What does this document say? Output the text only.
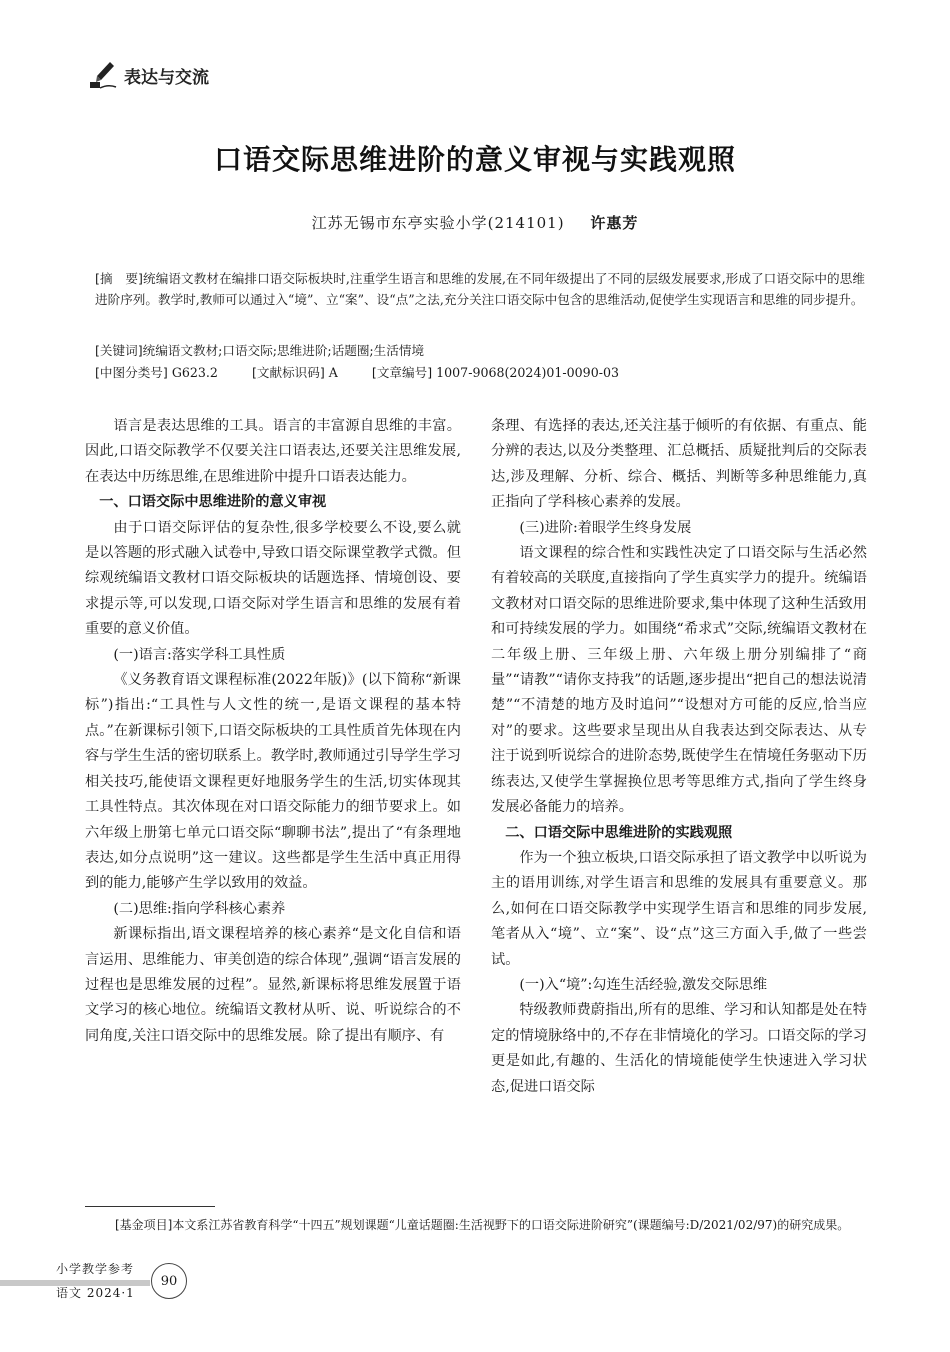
表达与交流
口语交际思维进阶的意义审视与实践观照
江苏无锡市东亭实验小学(214101) 许惠芳
[摘　要]统编语文教材在编排口语交际板块时,注重学生语言和思维的发展,在不同年级提出了不同的层级发展要求,形成了口语交际中的思维进阶序列。教学时,教师可以通过入“境”、立“案”、设“点”之法,充分关注口语交际中包含的思维活动,促使学生实现语言和思维的同步提升。
[关键词]统编语文教材;口语交际;思维进阶;话题圈;生活情境
[中图分类号] G623.2	[文献标识码] A	[文章编号] 1007-9068(2024)01-0090-03

语言是表达思维的工具。语言的丰富源自思维的丰富。因此,口语交际教学不仅要关注口语表达,还要关注思维发展,在表达中历练思维,在思维进阶中提升口语表达能力。

一、口语交际中思维进阶的意义审视

由于口语交际评估的复杂性,很多学校要么不设,要么就是以答题的形式融入试卷中,导致口语交际课堂教学式微。但综观统编语文教材口语交际板块的话题选择、情境创设、要求提示等,可以发现,口语交际对学生语言和思维的发展有着重要的意义价值。

(一)语言:落实学科工具性质

《义务教育语文课程标准(2022年版)》(以下简称“新课标”)指出:“工具性与人文性的统一,是语文课程的基本特点。”在新课标引领下,口语交际板块的工具性质首先体现在内容与学生生活的密切联系上。教学时,教师通过引导学生学习相关技巧,能使语文课程更好地服务学生的生活,切实体现其工具性特点。其次体现在对口语交际能力的细节要求上。如六年级上册第七单元口语交际“聊聊书法”,提出了“有条理地表达,如分点说明”这一建议。这些都是学生生活中真正用得到的能力,能够产生学以致用的效益。

(二)思维:指向学科核心素养

新课标指出,语文课程培养的核心素养“是文化自信和语言运用、思维能力、审美创造的综合体现”,强调“语言发展的过程也是思维发展的过程”。显然,新课标将思维发展置于语文学习的核心地位。统编语文教材从听、说、听说综合的不同角度,关注口语交际中的思维发展。除了提出有顺序、有

条理、有选择的表达,还关注基于倾听的有依据、有重点、能分辨的表达,以及分类整理、汇总概括、质疑批判后的交际表达,涉及理解、分析、综合、概括、判断等多种思维能力,真正指向了学科核心素养的发展。

(三)进阶:着眼学生终身发展

语文课程的综合性和实践性决定了口语交际与生活必然有着较高的关联度,直接指向了学生真实学力的提升。统编语文教材对口语交际的思维进阶要求,集中体现了这种生活致用和可持续发展的学力。如围绕“希求式”交际,统编语文教材在二年级上册、三年级上册、六年级上册分别编排了“商量”“请教”“请你支持我”的话题,逐步提出“把自己的想法说清楚”“不清楚的地方及时追问”“设想对方可能的反应,恰当应对”的要求。这些要求呈现出从自我表达到交际表达、从专注于说到听说综合的进阶态势,既使学生在情境任务驱动下历练表达,又使学生掌握换位思考等思维方式,指向了学生终身发展必备能力的培养。

二、口语交际中思维进阶的实践观照

作为一个独立板块,口语交际承担了语文教学中以听说为主的语用训练,对学生语言和思维的发展具有重要意义。那么,如何在口语交际教学中实现学生语言和思维的同步发展,笔者从入“境”、立“案”、设“点”这三方面入手,做了一些尝试。

(一)入“境”:勾连生活经验,激发交际思维

特级教师费蔚指出,所有的思维、学习和认知都是处在特定的情境脉络中的,不存在非情境化的学习。口语交际的学习更是如此,有趣的、生活化的情境能使学生快速进入学习状态,促进口语交际

[基金项目]本文系江苏省教育科学“十四五”规划课题“儿童话题圈:生活视野下的口语交际进阶研究”(课题编号:D/2021/02/97)的研究成果。
小学教学参考
语文 2024·1
90
